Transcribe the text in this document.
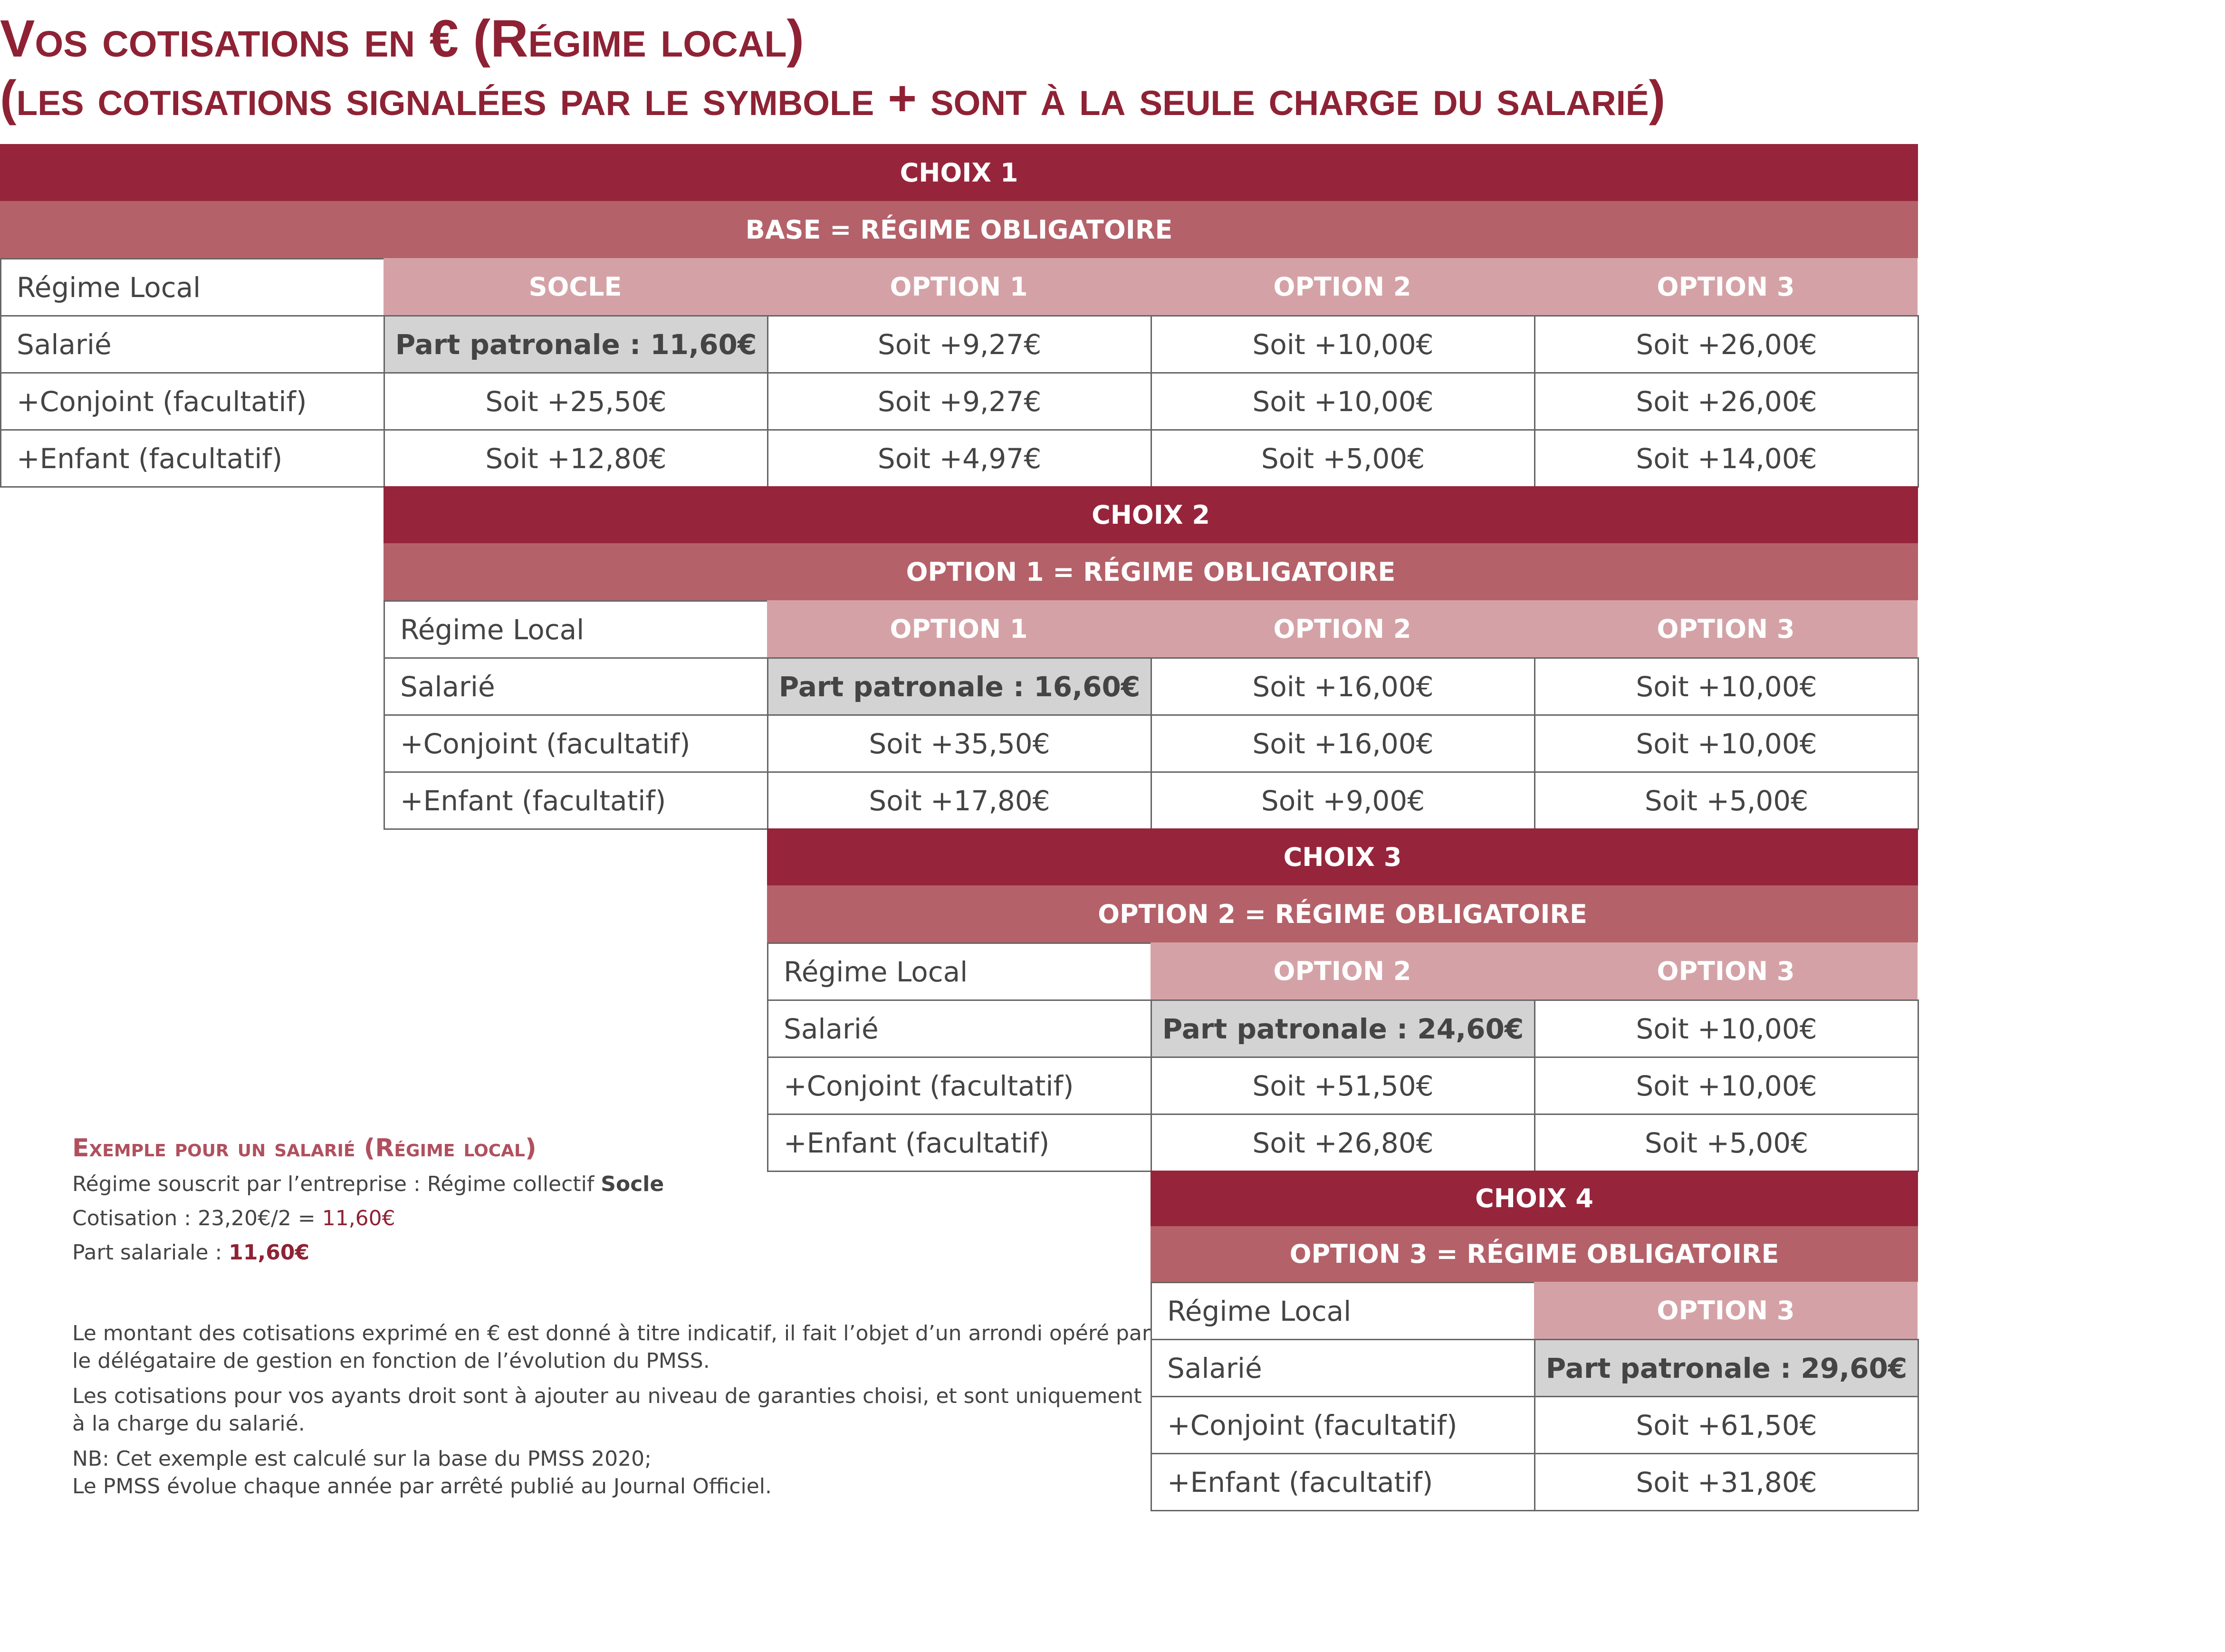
Vos cotisations en € (Régime local)
(les cotisations signalées par le symbole + sont à la seule charge du salarié)
CHOIX 1
BASE = RÉGIME OBLIGATOIRE
Régime Local	SOCLE	OPTION 1	OPTION 2	OPTION 3
Salarié	Part patronale : 11,60€	Soit +9,27€	Soit +10,00€	Soit +26,00€
+Conjoint (facultatif)	Soit +25,50€	Soit +9,27€	Soit +10,00€	Soit +26,00€
+Enfant (facultatif)	Soit +12,80€	Soit +4,97€	Soit +5,00€	Soit +14,00€
CHOIX 2
OPTION 1 = RÉGIME OBLIGATOIRE
Régime Local	OPTION 1	OPTION 2	OPTION 3
Salarié	Part patronale : 16,60€	Soit +16,00€	Soit +10,00€
+Conjoint (facultatif)	Soit +35,50€	Soit +16,00€	Soit +10,00€
+Enfant (facultatif)	Soit +17,80€	Soit +9,00€	Soit +5,00€
CHOIX 3
OPTION 2 = RÉGIME OBLIGATOIRE
Régime Local	OPTION 2	OPTION 3
Salarié	Part patronale : 24,60€	Soit +10,00€
+Conjoint (facultatif)	Soit +51,50€	Soit +10,00€
+Enfant (facultatif)	Soit +26,80€	Soit +5,00€
CHOIX 4
OPTION 3 = RÉGIME OBLIGATOIRE
Régime Local	OPTION 3
Salarié	Part patronale : 29,60€
+Conjoint (facultatif)	Soit +61,50€
+Enfant (facultatif)	Soit +31,80€
Exemple pour un salarié (Régime local)
Régime souscrit par l’entreprise : Régime collectif Socle
Cotisation : 23,20€/2 = 11,60€
Part salariale : 11,60€
Le montant des cotisations exprimé en € est donné à titre indicatif, il fait l’objet d’un arrondi opéré par
le délégataire de gestion en fonction de l’évolution du PMSS.
Les cotisations pour vos ayants droit sont à ajouter au niveau de garanties choisi, et sont uniquement
à la charge du salarié.
NB: Cet exemple est calculé sur la base du PMSS 2020;
Le PMSS évolue chaque année par arrêté publié au Journal Officiel.
